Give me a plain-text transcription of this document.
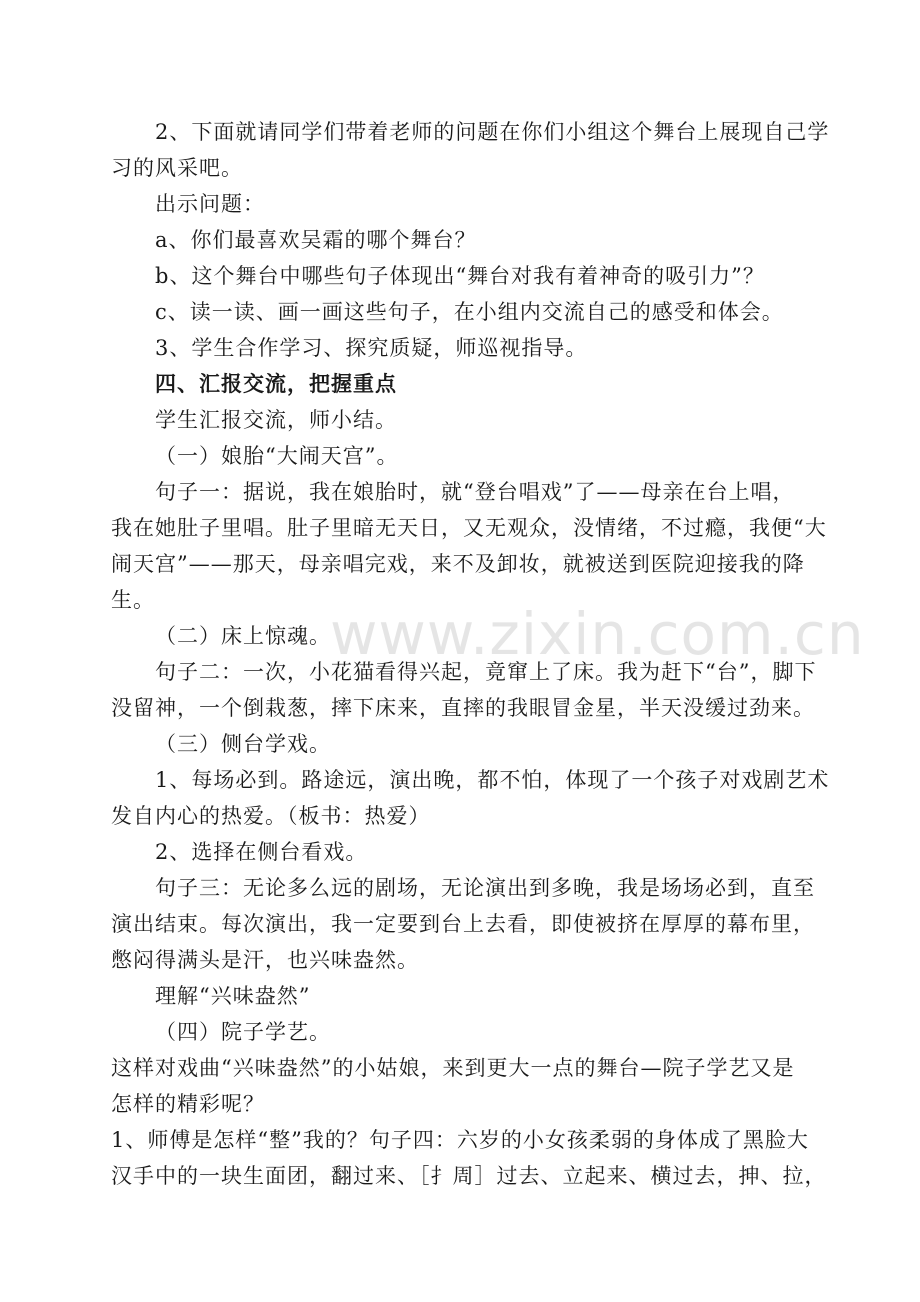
www.zixin.com.cn
2、下面就请同学们带着老师的问题在你们小组这个舞台上展现自己学
习的风采吧。
出示问题：
a、你们最喜欢吴霜的哪个舞台？
b、这个舞台中哪些句子体现出“舞台对我有着神奇的吸引力”？
c、读一读、画一画这些句子，在小组内交流自己的感受和体会。
3、学生合作学习、探究质疑，师巡视指导。
四、汇报交流，把握重点
学生汇报交流，师小结。
（一）娘胎“大闹天宫”。
句子一：据说，我在娘胎时，就“登台唱戏”了——母亲在台上唱，
我在她肚子里唱。肚子里暗无天日，又无观众，没情绪，不过瘾，我便“大
闹天宫”——那天，母亲唱完戏，来不及卸妆，就被送到医院迎接我的降
生。
（二）床上惊魂。
句子二：一次，小花猫看得兴起，竟窜上了床。我为赶下“台”，脚下
没留神，一个倒栽葱，摔下床来，直摔的我眼冒金星，半天没缓过劲来。
（三）侧台学戏。
1、每场必到。路途远，演出晚，都不怕，体现了一个孩子对戏剧艺术
发自内心的热爱。（板书：热爱）
2、选择在侧台看戏。
句子三：无论多么远的剧场，无论演出到多晚，我是场场必到，直至
演出结束。每次演出，我一定要到台上去看，即使被挤在厚厚的幕布里，
憋闷得满头是汗，也兴味盎然。
理解“兴味盎然”
（四）院子学艺。
这样对戏曲“兴味盎然”的小姑娘，来到更大一点的舞台—院子学艺又是
怎样的精彩呢？
1、师傅是怎样“整”我的？句子四：六岁的小女孩柔弱的身体成了黑脸大
汉手中的一块生面团，翻过来、［扌周］过去、立起来、横过去，抻、拉，
